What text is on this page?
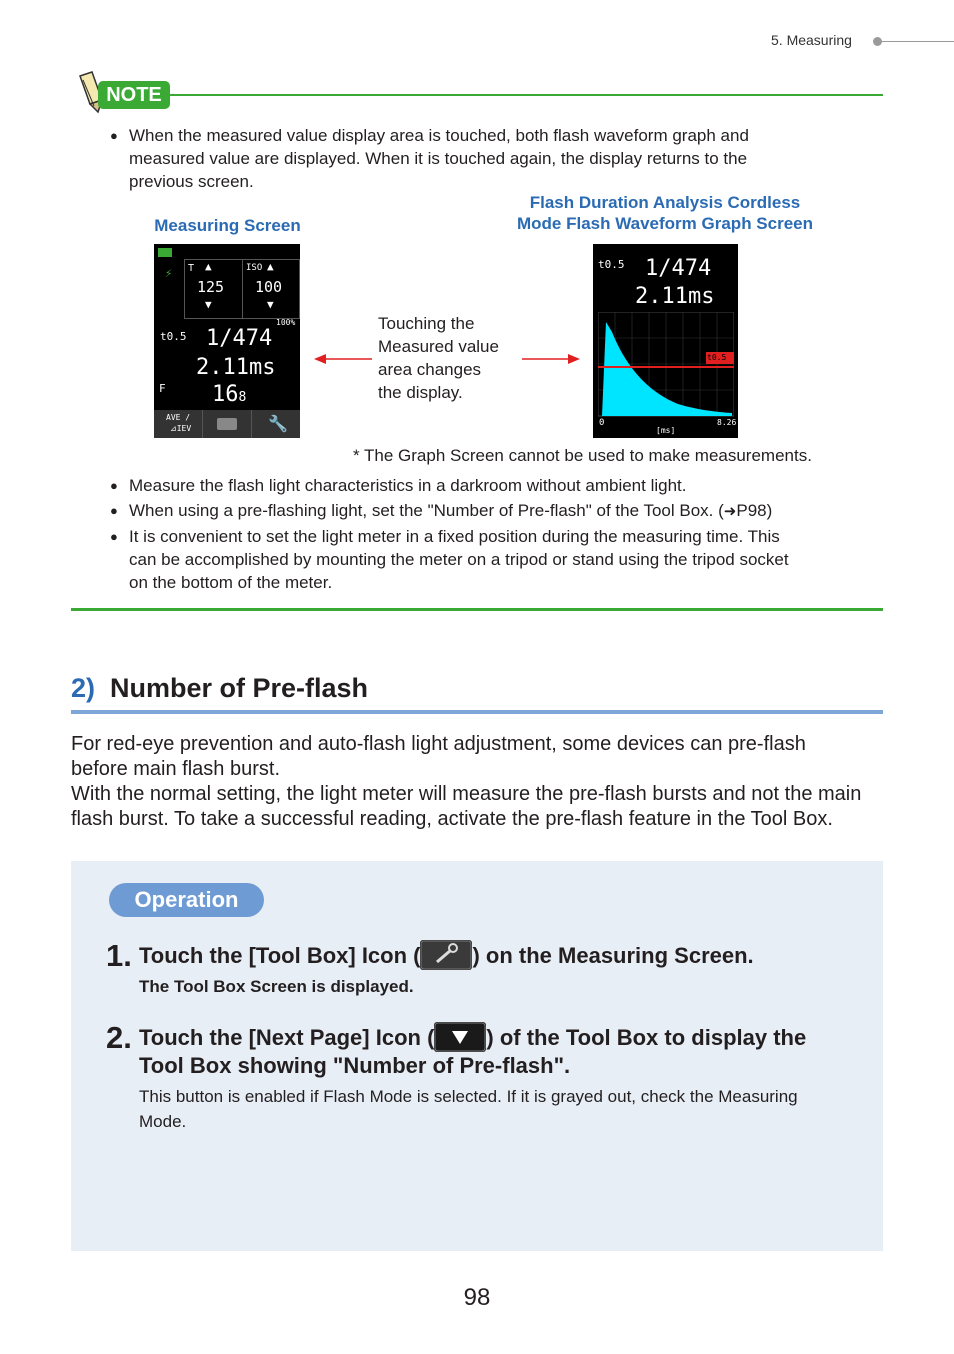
5. Measuring
NOTE
● When the measured value display area is touched, both flash waveform graph and
measured value are displayed. When it is touched again, the display returns to the
previous screen.
Measuring Screen
Flash Duration Analysis Cordless
Mode Flash Waveform Graph Screen
⚡ T ▲
125
▼
ISO ▲
100
▼
100%
t0.5 1/474
2.11ms
F 168
AVE /
⊿IEV	🔧
Touching the
Measured value
area changes
the display.
t0.5 1/474
2.11ms
t0.5
0
[ms]
8.26
* The Graph Screen cannot be used to make measurements.
● Measure the flash light characteristics in a darkroom without ambient light.
● When using a pre-flashing light, set the "Number of Pre-flash" of the Tool Box. (➜P98)
● It is convenient to set the light meter in a fixed position during the measuring time. This
can be accomplished by mounting the meter on a tripod or stand using the tripod socket
on the bottom of the meter.
2) Number of Pre-flash
For red-eye prevention and auto-flash light adjustment, some devices can pre-flash
before main flash burst.
With the normal setting, the light meter will measure the pre-flash bursts and not the main
flash burst. To take a successful reading, activate the pre-flash feature in the Tool Box.
Operation
1. Touch the [Tool Box] Icon ( ) on the Measuring Screen.
The Tool Box Screen is displayed.
2. Touch the [Next Page] Icon ( ) of the Tool Box to display the
Tool Box showing "Number of Pre-flash".
This button is enabled if Flash Mode is selected. If it is grayed out, check the Measuring
Mode.
98
